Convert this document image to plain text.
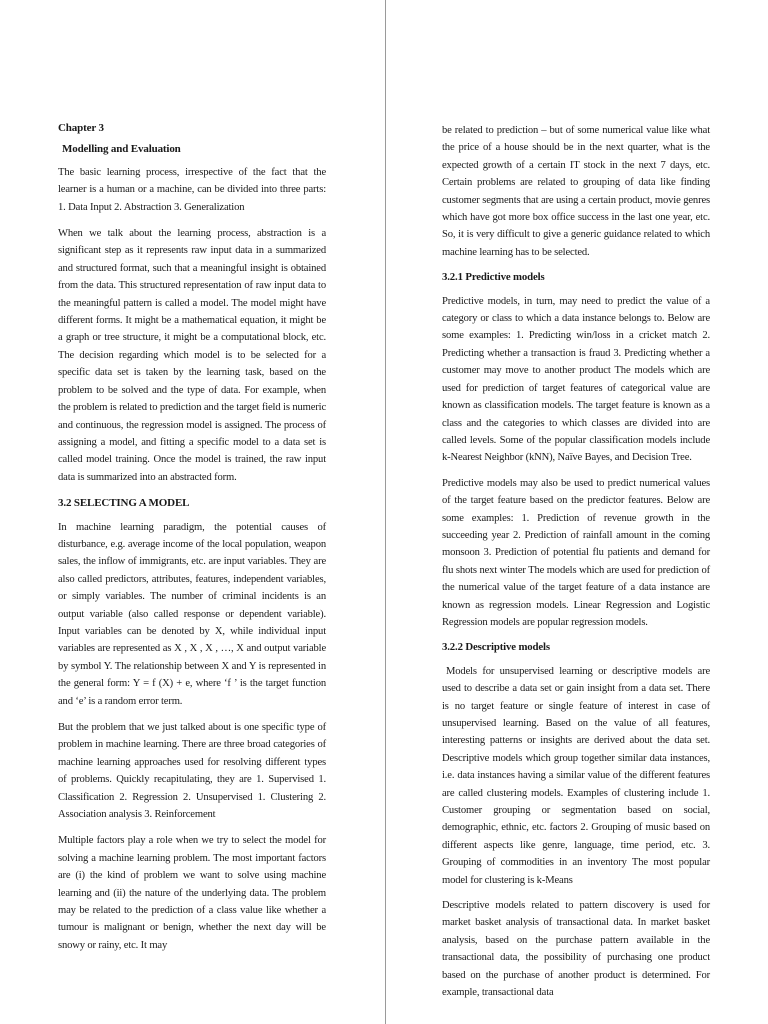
Chapter 3
Modelling and Evaluation

The basic learning process, irrespective of the fact that the learner is a human or a machine, can be divided into three parts: 1. Data Input 2. Abstraction 3. Generalization

When we talk about the learning process, abstraction is a significant step as it represents raw input data in a summarized and structured format, such that a meaningful insight is obtained from the data. This structured representation of raw input data to the meaningful pattern is called a model. The model might have different forms. It might be a mathematical equation, it might be a graph or tree structure, it might be a computational block, etc. The decision regarding which model is to be selected for a specific data set is taken by the learning task, based on the problem to be solved and the type of data. For example, when the problem is related to prediction and the target field is numeric and continuous, the regression model is assigned. The process of assigning a model, and fitting a specific model to a data set is called model training. Once the model is trained, the raw input data is summarized into an abstracted form.

3.2 SELECTING A MODEL

In machine learning paradigm, the potential causes of disturbance, e.g. average income of the local population, weapon sales, the inflow of immigrants, etc. are input variables. They are also called predictors, attributes, features, independent variables, or simply variables. The number of criminal incidents is an output variable (also called response or dependent variable). Input variables can be denoted by X, while individual input variables are represented as X , X , X , …, X and output variable by symbol Y. The relationship between X and Y is represented in the general form: Y = f (X) + e, where ‘f ’ is the target function and ‘e’ is a random error term.

But the problem that we just talked about is one specific type of problem in machine learning. There are three broad categories of machine learning approaches used for resolving different types of problems. Quickly recapitulating, they are 1. Supervised 1. Classification 2. Regression 2. Unsupervised 1. Clustering 2. Association analysis 3. Reinforcement

Multiple factors play a role when we try to select the model for solving a machine learning problem. The most important factors are (i) the kind of problem we want to solve using machine learning and (ii) the nature of the underlying data. The problem may be related to the prediction of a class value like whether a tumour is malignant or benign, whether the next day will be snowy or rainy, etc. It may

be related to prediction – but of some numerical value like what the price of a house should be in the next quarter, what is the expected growth of a certain IT stock in the next 7 days, etc. Certain problems are related to grouping of data like finding customer segments that are using a certain product, movie genres which have got more box office success in the last one year, etc. So, it is very difficult to give a generic guidance related to which machine learning has to be selected.

3.2.1 Predictive models

Predictive models, in turn, may need to predict the value of a category or class to which a data instance belongs to. Below are some examples: 1. Predicting win/loss in a cricket match 2. Predicting whether a transaction is fraud 3. Predicting whether a customer may move to another product The models which are used for prediction of target features of categorical value are known as classification models. The target feature is known as a class and the categories to which classes are divided into are called levels. Some of the popular classification models include k-Nearest Neighbor (kNN), Naïve Bayes, and Decision Tree.

Predictive models may also be used to predict numerical values of the target feature based on the predictor features. Below are some examples: 1. Prediction of revenue growth in the succeeding year 2. Prediction of rainfall amount in the coming monsoon 3. Prediction of potential flu patients and demand for flu shots next winter The models which are used for prediction of the numerical value of the target feature of a data instance are known as regression models. Linear Regression and Logistic Regression models are popular regression models.

3.2.2 Descriptive models

Models for unsupervised learning or descriptive models are used to describe a data set or gain insight from a data set. There is no target feature or single feature of interest in case of unsupervised learning. Based on the value of all features, interesting patterns or insights are derived about the data set. Descriptive models which group together similar data instances, i.e. data instances having a similar value of the different features are called clustering models. Examples of clustering include 1. Customer grouping or segmentation based on social, demographic, ethnic, etc. factors 2. Grouping of music based on different aspects like genre, language, time period, etc. 3. Grouping of commodities in an inventory The most popular model for clustering is k-Means

Descriptive models related to pattern discovery is used for market basket analysis of transactional data. In market basket analysis, based on the purchase pattern available in the transactional data, the possibility of purchasing one product based on the purchase of another product is determined. For example, transactional data
